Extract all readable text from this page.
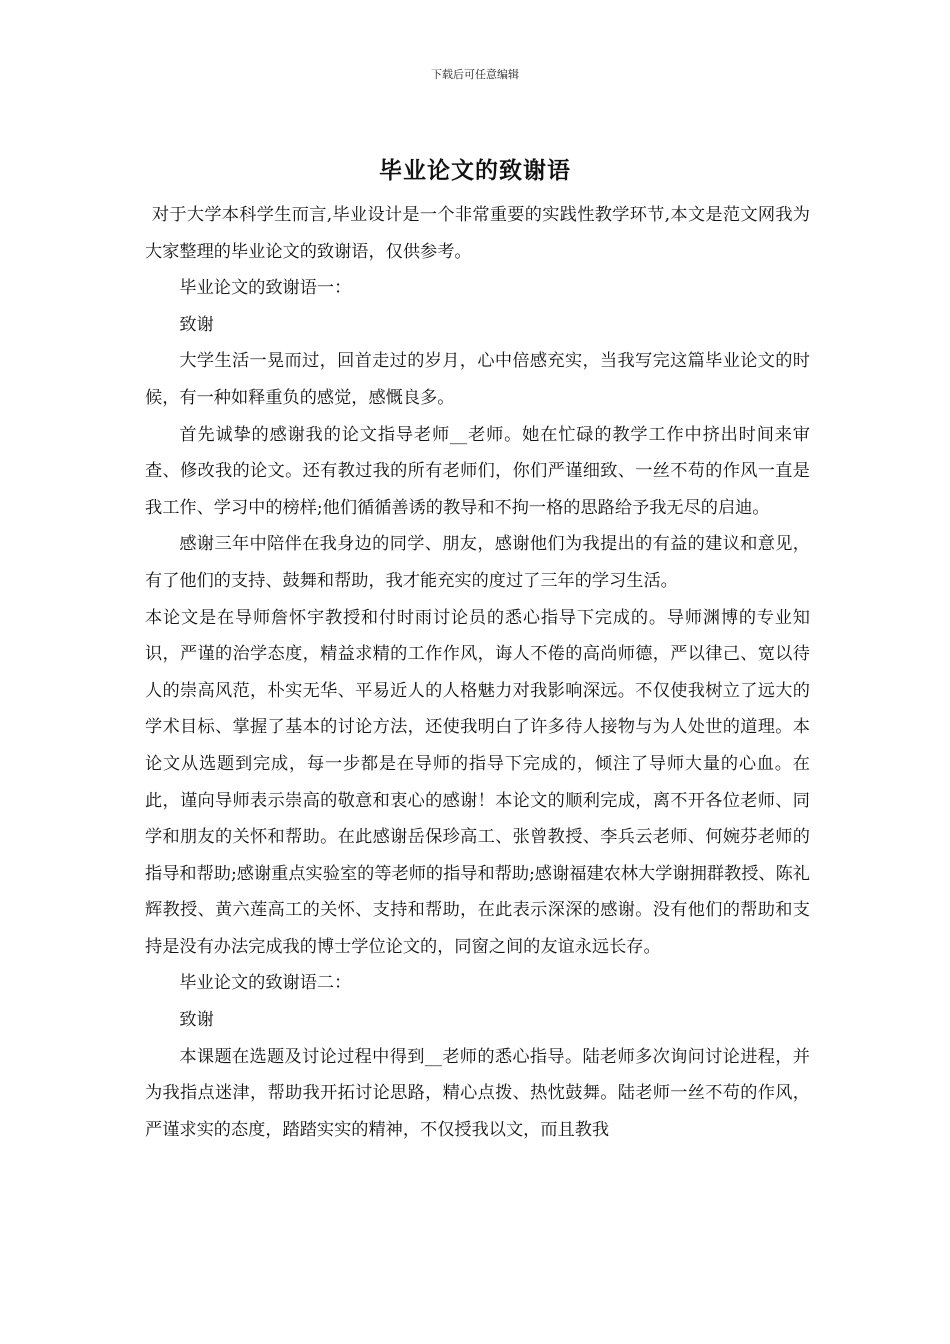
下载后可任意编辑
毕业论文的致谢语

对于大学本科学生而言,毕业设计是一个非常重要的实践性教学环节,本文是范文网我为大家整理的毕业论文的致谢语，仅供参考。

毕业论文的致谢语一：

致谢

大学生活一晃而过，回首走过的岁月，心中倍感充实，当我写完这篇毕业论文的时候，有一种如释重负的感觉，感慨良多。

首先诚挚的感谢我的论文指导老师__老师。她在忙碌的教学工作中挤出时间来审查、修改我的论文。还有教过我的所有老师们，你们严谨细致、一丝不苟的作风一直是我工作、学习中的榜样;他们循循善诱的教导和不拘一格的思路给予我无尽的启迪。

感谢三年中陪伴在我身边的同学、朋友，感谢他们为我提出的有益的建议和意见，有了他们的支持、鼓舞和帮助，我才能充实的度过了三年的学习生活。

本论文是在导师詹怀宇教授和付时雨讨论员的悉心指导下完成的。导师渊博的专业知识，严谨的治学态度，精益求精的工作作风，诲人不倦的高尚师德，严以律己、宽以待人的崇高风范，朴实无华、平易近人的人格魅力对我影响深远。不仅使我树立了远大的学术目标、掌握了基本的讨论方法，还使我明白了许多待人接物与为人处世的道理。本论文从选题到完成，每一步都是在导师的指导下完成的，倾注了导师大量的心血。在此，谨向导师表示崇高的敬意和衷心的感谢！本论文的顺利完成，离不开各位老师、同学和朋友的关怀和帮助。在此感谢岳保珍高工、张曾教授、李兵云老师、何婉芬老师的指导和帮助;感谢重点实验室的等老师的指导和帮助;感谢福建农林大学谢拥群教授、陈礼辉教授、黄六莲高工的关怀、支持和帮助，在此表示深深的感谢。没有他们的帮助和支持是没有办法完成我的博士学位论文的，同窗之间的友谊永远长存。

毕业论文的致谢语二：

致谢

本课题在选题及讨论过程中得到__老师的悉心指导。陆老师多次询问讨论进程，并为我指点迷津，帮助我开拓讨论思路，精心点拨、热忱鼓舞。陆老师一丝不苟的作风，严谨求实的态度，踏踏实实的精神，不仅授我以文，而且教我
